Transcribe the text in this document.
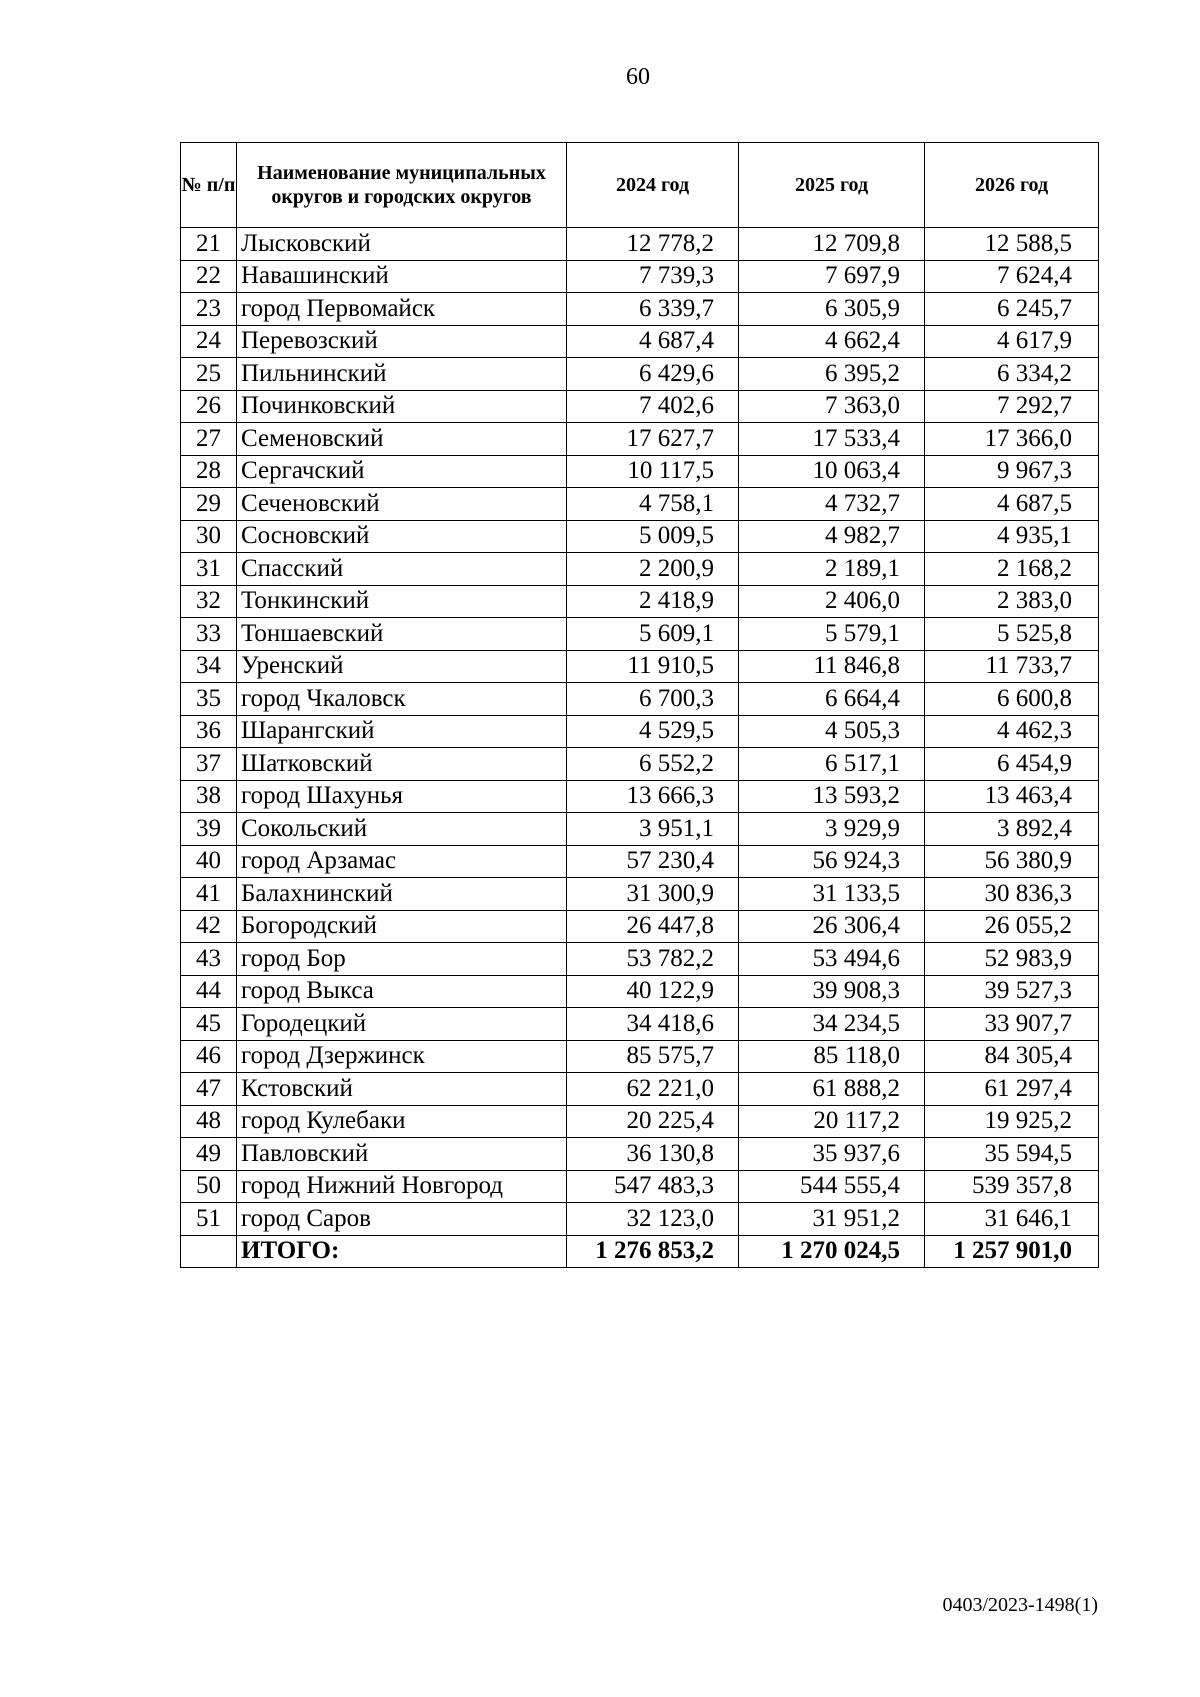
60
№ п/п	Наименование муниципальных округов и городских округов	2024 год	2025 год	2026 год
21	Лысковский	12 778,2	12 709,8	12 588,5
22	Навашинский	7 739,3	7 697,9	7 624,4
23	город Первомайск	6 339,7	6 305,9	6 245,7
24	Перевозский	4 687,4	4 662,4	4 617,9
25	Пильнинский	6 429,6	6 395,2	6 334,2
26	Починковский	7 402,6	7 363,0	7 292,7
27	Семеновский	17 627,7	17 533,4	17 366,0
28	Сергачский	10 117,5	10 063,4	9 967,3
29	Сеченовский	4 758,1	4 732,7	4 687,5
30	Сосновский	5 009,5	4 982,7	4 935,1
31	Спасский	2 200,9	2 189,1	2 168,2
32	Тонкинский	2 418,9	2 406,0	2 383,0
33	Тоншаевский	5 609,1	5 579,1	5 525,8
34	Уренский	11 910,5	11 846,8	11 733,7
35	город Чкаловск	6 700,3	6 664,4	6 600,8
36	Шарангский	4 529,5	4 505,3	4 462,3
37	Шатковский	6 552,2	6 517,1	6 454,9
38	город Шахунья	13 666,3	13 593,2	13 463,4
39	Сокольский	3 951,1	3 929,9	3 892,4
40	город Арзамас	57 230,4	56 924,3	56 380,9
41	Балахнинский	31 300,9	31 133,5	30 836,3
42	Богородский	26 447,8	26 306,4	26 055,2
43	город Бор	53 782,2	53 494,6	52 983,9
44	город Выкса	40 122,9	39 908,3	39 527,3
45	Городецкий	34 418,6	34 234,5	33 907,7
46	город Дзержинск	85 575,7	85 118,0	84 305,4
47	Кстовский	62 221,0	61 888,2	61 297,4
48	город Кулебаки	20 225,4	20 117,2	19 925,2
49	Павловский	36 130,8	35 937,6	35 594,5
50	город Нижний Новгород	547 483,3	544 555,4	539 357,8
51	город Саров	32 123,0	31 951,2	31 646,1
	ИТОГО:	1 276 853,2	1 270 024,5	1 257 901,0
0403/2023-1498(1)
